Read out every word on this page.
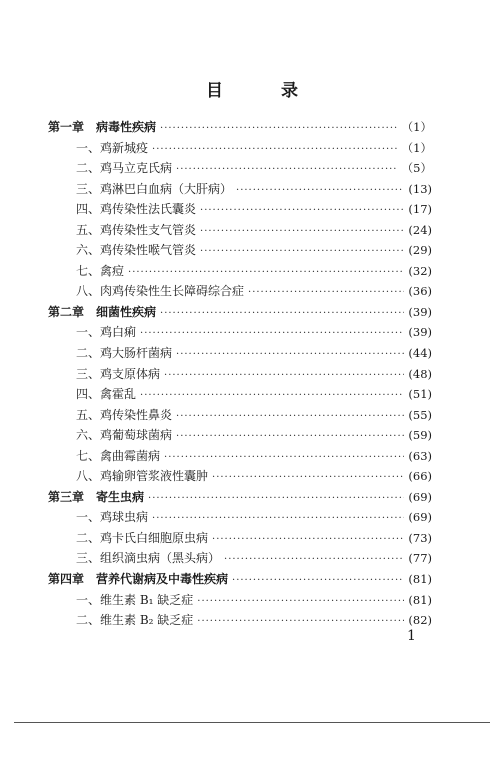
目 录
第一章　病毒性疾病 ·····	（1）
一、鸡新城疫 ·····	（1）
二、鸡马立克氏病 ·····	（5）
三、鸡淋巴白血病（大肝病） ·····	(13)
四、鸡传染性法氏囊炎 ·····	(17)
五、鸡传染性支气管炎 ·····	(24)
六、鸡传染性喉气管炎 ·····	(29)
七、禽痘 ·····	(32)
八、肉鸡传染性生长障碍综合症 ·····	(36)
第二章　细菌性疾病 ·····	(39)
一、鸡白痢 ·····	(39)
二、鸡大肠杆菌病 ·····	(44)
三、鸡支原体病 ·····	(48)
四、禽霍乱 ·····	(51)
五、鸡传染性鼻炎 ·····	(55)
六、鸡葡萄球菌病 ·····	(59)
七、禽曲霉菌病 ·····	(63)
八、鸡输卵管浆液性囊肿 ·····	(66)
第三章　寄生虫病 ·····	(69)
一、鸡球虫病 ·····	(69)
二、鸡卡氏白细胞原虫病 ·····	(73)
三、组织滴虫病（黑头病） ·····	(77)
第四章　营养代谢病及中毒性疾病 ·····	(81)
一、维生素 B₁ 缺乏症 ·····	(81)
二、维生素 B₂ 缺乏症 ·····	(82)
1
